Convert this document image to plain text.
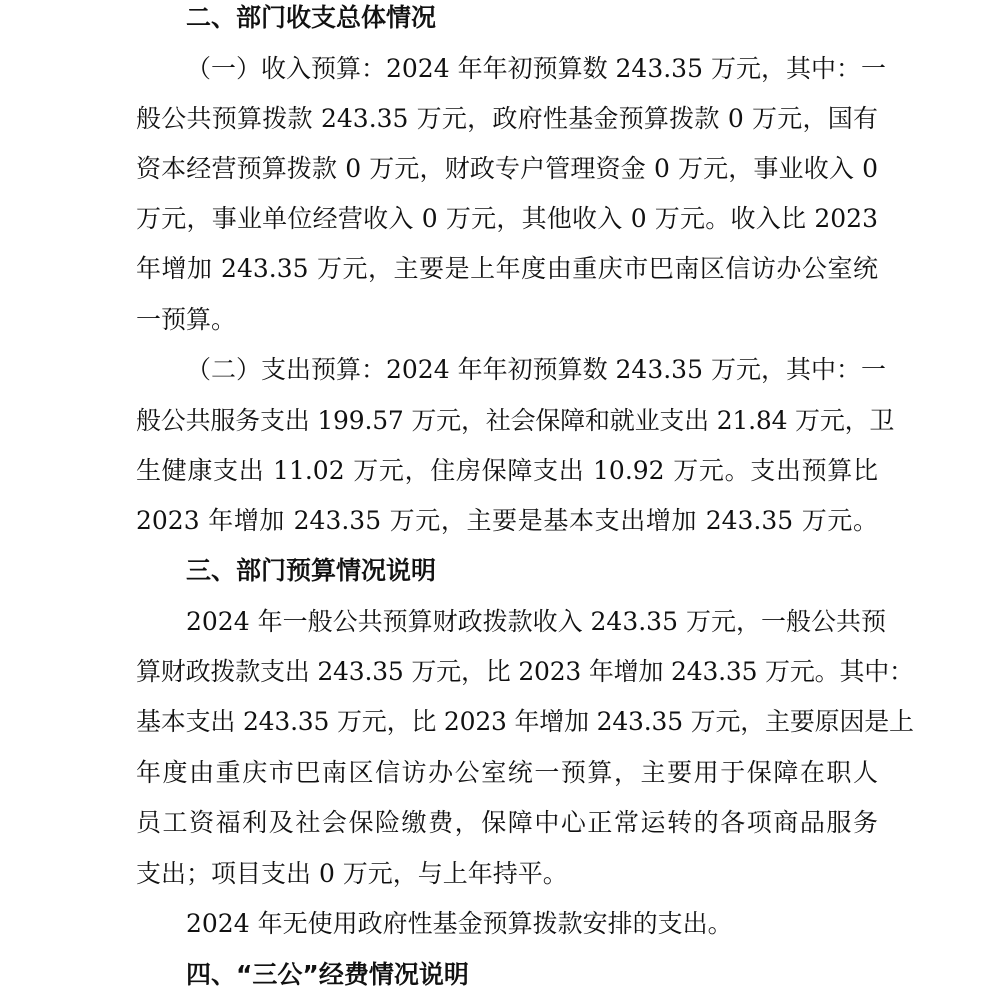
二、部门收支总体情况
（一）收入预算：2024 年年初预算数 243.35 万元，其中：一
般公共预算拨款 243.35 万元，政府性基金预算拨款 0 万元，国有
资本经营预算拨款 0 万元，财政专户管理资金 0 万元，事业收入 0
万元，事业单位经营收入 0 万元，其他收入 0 万元。收入比 2023
年增加 243.35 万元，主要是上年度由重庆市巴南区信访办公室统
一预算。
（二）支出预算：2024 年年初预算数 243.35 万元，其中：一
般公共服务支出 199.57 万元，社会保障和就业支出 21.84 万元，卫
生健康支出 11.02 万元，住房保障支出 10.92 万元。支出预算比
2023 年增加 243.35 万元，主要是基本支出增加 243.35 万元。
三、部门预算情况说明
2024 年一般公共预算财政拨款收入 243.35 万元，一般公共预
算财政拨款支出 243.35 万元，比 2023 年增加 243.35 万元。其中：
基本支出 243.35 万元，比 2023 年增加 243.35 万元，主要原因是上
年度由重庆市巴南区信访办公室统一预算，主要用于保障在职人
员工资福利及社会保险缴费，保障中心正常运转的各项商品服务
支出；项目支出 0 万元，与上年持平。
2024 年无使用政府性基金预算拨款安排的支出。
四、“三公”经费情况说明
